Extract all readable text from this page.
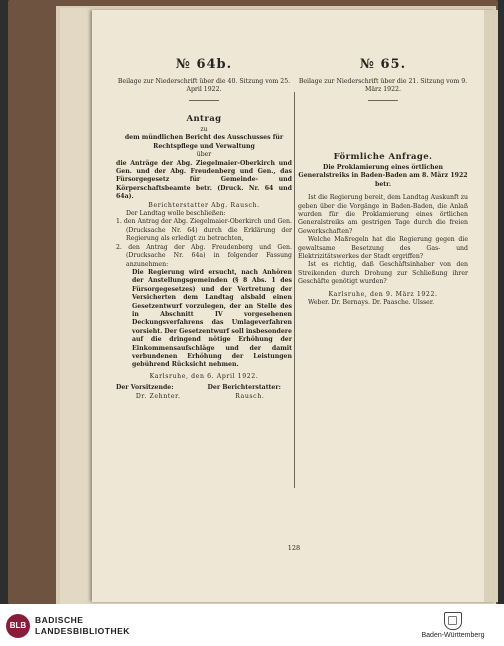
№ 64b.

Beilage zur Niederschrift über die 40. Sitzung vom 25. April 1922.

Antrag

zu

dem mündlichen Bericht des Ausschusses für Rechtspflege und Verwaltung

über

die Anträge der Abg. Ziegelmaier-Oberkirch und Gen. und der Abg. Freudenberg und Gen., das Fürsorgegesetz für Gemeinde- und Körperschaftsbeamte betr. (Druck. Nr. 64 und 64a).

Berichterstatter Abg. Rausch.

Der Landtag wolle beschließen:

1. den Antrag der Abg. Ziegelmaier-Oberkirch und Gen. (Drucksache Nr. 64) durch die Erklärung der Regierung als erledigt zu betrachten,

2. den Antrag der Abg. Freudenberg und Gen. (Drucksache Nr. 64a) in folgender Fassung anzunehmen:

Die Regierung wird ersucht, nach Anhören der Anstellungsgemeinden (§ 8 Abs. 1 des Fürsorgegesetzes) und der Vertretung der Versicherten dem Landtag alsbald einen Gesetzentwurf vorzulegen, der an Stelle des in Abschnitt IV vorgesehenen Deckungsverfahrens das Umlageverfahren vorsieht. Der Gesetzentwurf soll insbesondere auf die dringend nötige Erhöhung der Einkommensaufschläge und der damit verbundenen Erhöhung der Leistungen gebührend Rücksicht nehmen.

Karlsruhe, den 6. April 1922.

Der Vorsitzende:

Dr. Zehnter.

Der Berichterstatter:

Rausch.

№ 65.

Beilage zur Niederschrift über die 21. Sitzung vom 9. März 1922.

Förmliche Anfrage.

Die Proklamierung eines örtlichen Generalstreiks in Baden-Baden am 8. März 1922 betr.

Ist die Regierung bereit, dem Landtag Auskunft zu geben über die Vorgänge in Baden-Baden, die Anlaß wurden für die Proklamierung eines örtlichen Generalstreiks am gestrigen Tage durch die freien Gewerkschaften?

Welche Maßregeln hat die Regierung gegen die gewaltsame Besetzung des Gas- und Elektrizitätswerkes der Stadt ergriffen?

Ist es richtig, daß Geschäftsinhaber von den Streikenden durch Drohung zur Schließung ihrer Geschäfte genötigt wurden?

Karlsruhe, den 9. März 1922.

Weber. Dr. Bernays. Dr. Paasche. Ulsser.

128
BLB
BADISCHE
LANDESBIBLIOTHEK	Baden-Württemberg
